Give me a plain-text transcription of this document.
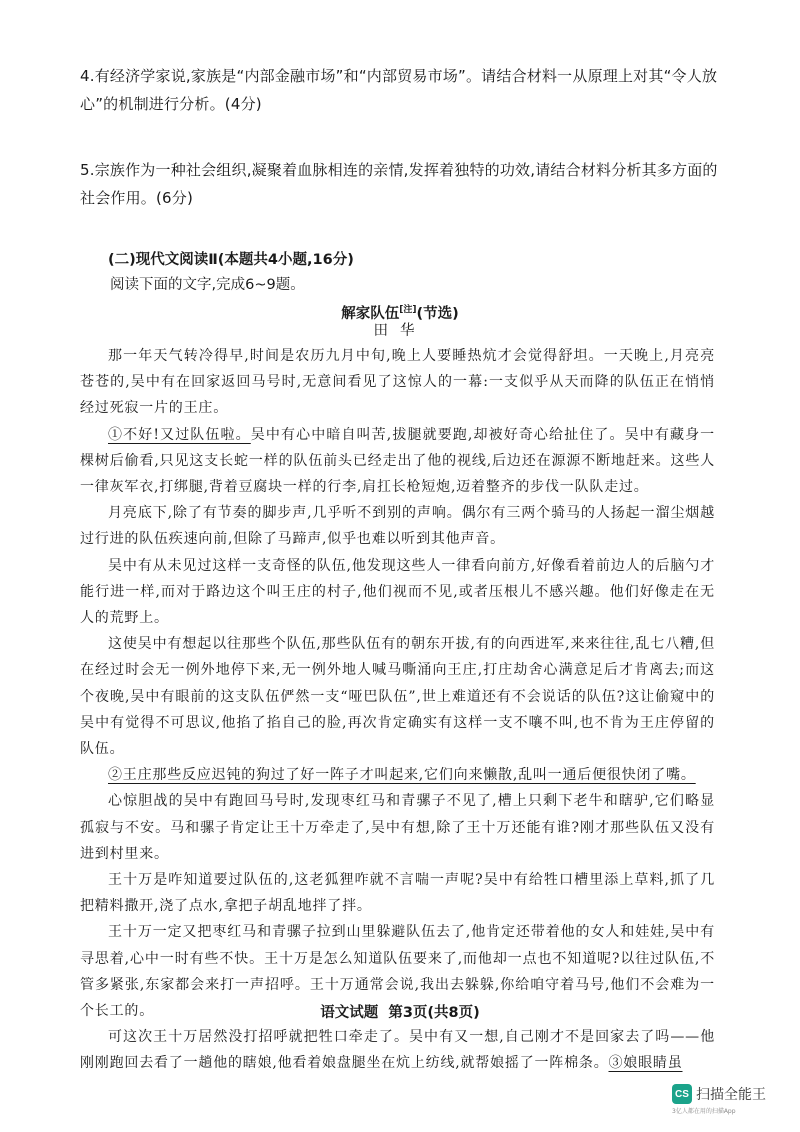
4.有经济学家说,家族是“内部金融市场”和“内部贸易市场”。请结合材料一从原理上对其“令人放心”的机制进行分析。(4分)
5.宗族作为一种社会组织,凝聚着血脉相连的亲情,发挥着独特的功效,请结合材料分析其多方面的社会作用。(6分)
(二)现代文阅读Ⅱ(本题共4小题,16分)
阅读下面的文字,完成6~9题。
解家队伍[注](节选)
田华

那一年天气转冷得早,时间是农历九月中旬,晚上人要睡热炕才会觉得舒坦。一天晚上,月亮亮苍苍的,吴中有在回家返回马号时,无意间看见了这惊人的一幕:一支似乎从天而降的队伍正在悄悄经过死寂一片的王庄。

①不好!又过队伍啦。吴中有心中暗自叫苦,拔腿就要跑,却被好奇心给扯住了。吴中有藏身一棵树后偷看,只见这支长蛇一样的队伍前头已经走出了他的视线,后边还在源源不断地赶来。这些人一律灰军衣,打绑腿,背着豆腐块一样的行李,肩扛长枪短炮,迈着整齐的步伐一队队走过。

月亮底下,除了有节奏的脚步声,几乎听不到别的声响。偶尔有三两个骑马的人扬起一溜尘烟越过行进的队伍疾速向前,但除了马蹄声,似乎也难以听到其他声音。

吴中有从未见过这样一支奇怪的队伍,他发现这些人一律看向前方,好像看着前边人的后脑勺才能行进一样,而对于路边这个叫王庄的村子,他们视而不见,或者压根儿不感兴趣。他们好像走在无人的荒野上。

这使吴中有想起以往那些个队伍,那些队伍有的朝东开拔,有的向西进军,来来往往,乱七八糟,但在经过时会无一例外地停下来,无一例外地人喊马嘶涌向王庄,打庄劫舍心满意足后才肯离去;而这个夜晚,吴中有眼前的这支队伍俨然一支“哑巴队伍”,世上难道还有不会说话的队伍?这让偷窥中的吴中有觉得不可思议,他掐了掐自己的脸,再次肯定确实有这样一支不嚷不叫,也不肯为王庄停留的队伍。

②王庄那些反应迟钝的狗过了好一阵子才叫起来,它们向来懒散,乱叫一通后便很快闭了嘴。

心惊胆战的吴中有跑回马号时,发现枣红马和青骡子不见了,槽上只剩下老牛和瞎驴,它们略显孤寂与不安。马和骡子肯定让王十万牵走了,吴中有想,除了王十万还能有谁?刚才那些队伍又没有进到村里来。

王十万是咋知道要过队伍的,这老狐狸咋就不言喘一声呢?吴中有给牲口槽里添上草料,抓了几把精料撒开,浇了点水,拿把子胡乱地拌了拌。

王十万一定又把枣红马和青骡子拉到山里躲避队伍去了,他肯定还带着他的女人和娃娃,吴中有寻思着,心中一时有些不快。王十万是怎么知道队伍要来了,而他却一点也不知道呢?以往过队伍,不管多紧张,东家都会来打一声招呼。王十万通常会说,我出去躲躲,你给咱守着马号,他们不会难为一个长工的。

可这次王十万居然没打招呼就把牲口牵走了。吴中有又一想,自己刚才不是回家去了吗——他刚刚跑回去看了一趟他的瞎娘,他看着娘盘腿坐在炕上纺线,就帮娘摇了一阵棉条。③娘眼睛虽

语文试题 第3页(共8页)
CS 扫描全能王
3亿人都在用的扫描App
